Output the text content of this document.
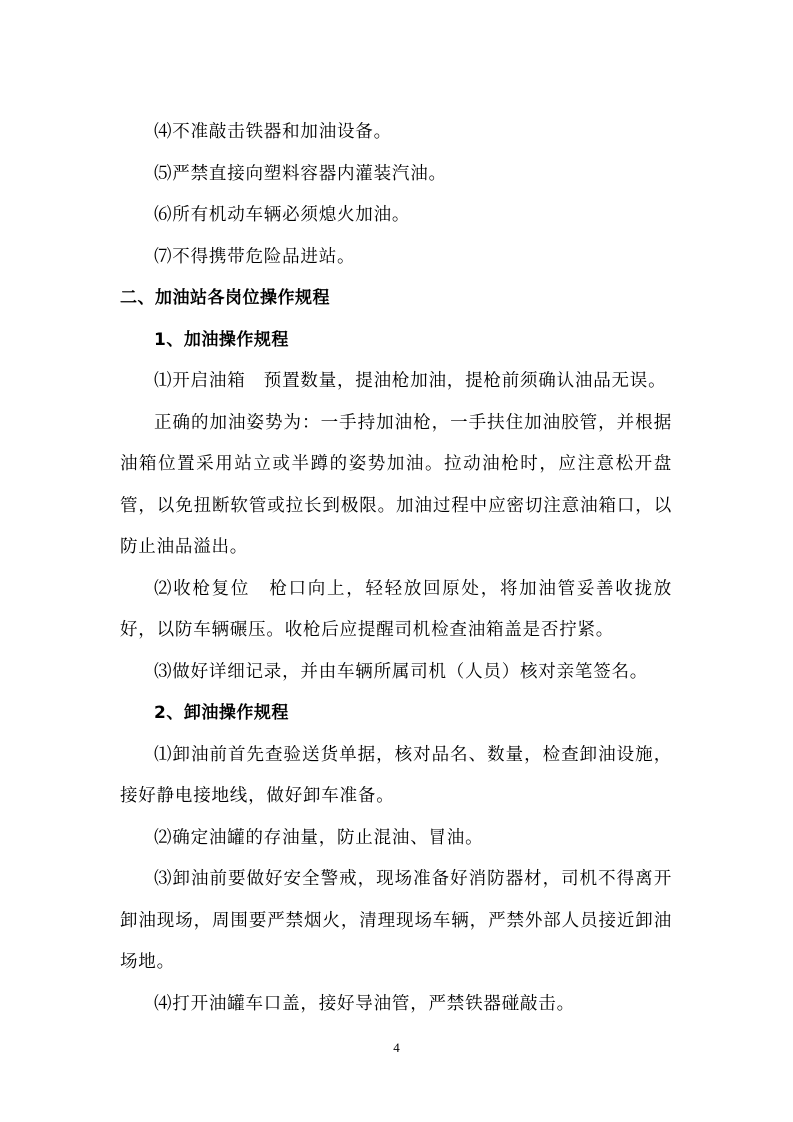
⑷不准敲击铁器和加油设备。

⑸严禁直接向塑料容器内灌装汽油。

⑹所有机动车辆必须熄火加油。

⑺不得携带危险品进站。

二、加油站各岗位操作规程
1、加油操作规程

⑴开启油箱　预置数量，提油枪加油，提枪前须确认油品无误。

正确的加油姿势为：一手持加油枪，一手扶住加油胶管，并根据油箱位置采用站立或半蹲的姿势加油。拉动油枪时，应注意松开盘管，以免扭断软管或拉长到极限。加油过程中应密切注意油箱口，以防止油品溢出。

⑵收枪复位　枪口向上，轻轻放回原处，将加油管妥善收拢放好，以防车辆碾压。收枪后应提醒司机检查油箱盖是否拧紧。

⑶做好详细记录，并由车辆所属司机（人员）核对亲笔签名。

2、卸油操作规程

⑴卸油前首先查验送货单据，核对品名、数量，检查卸油设施，接好静电接地线，做好卸车准备。

⑵确定油罐的存油量，防止混油、冒油。

⑶卸油前要做好安全警戒，现场准备好消防器材，司机不得离开卸油现场，周围要严禁烟火，清理现场车辆，严禁外部人员接近卸油场地。

⑷打开油罐车口盖，接好导油管，严禁铁器碰敲击。

4
